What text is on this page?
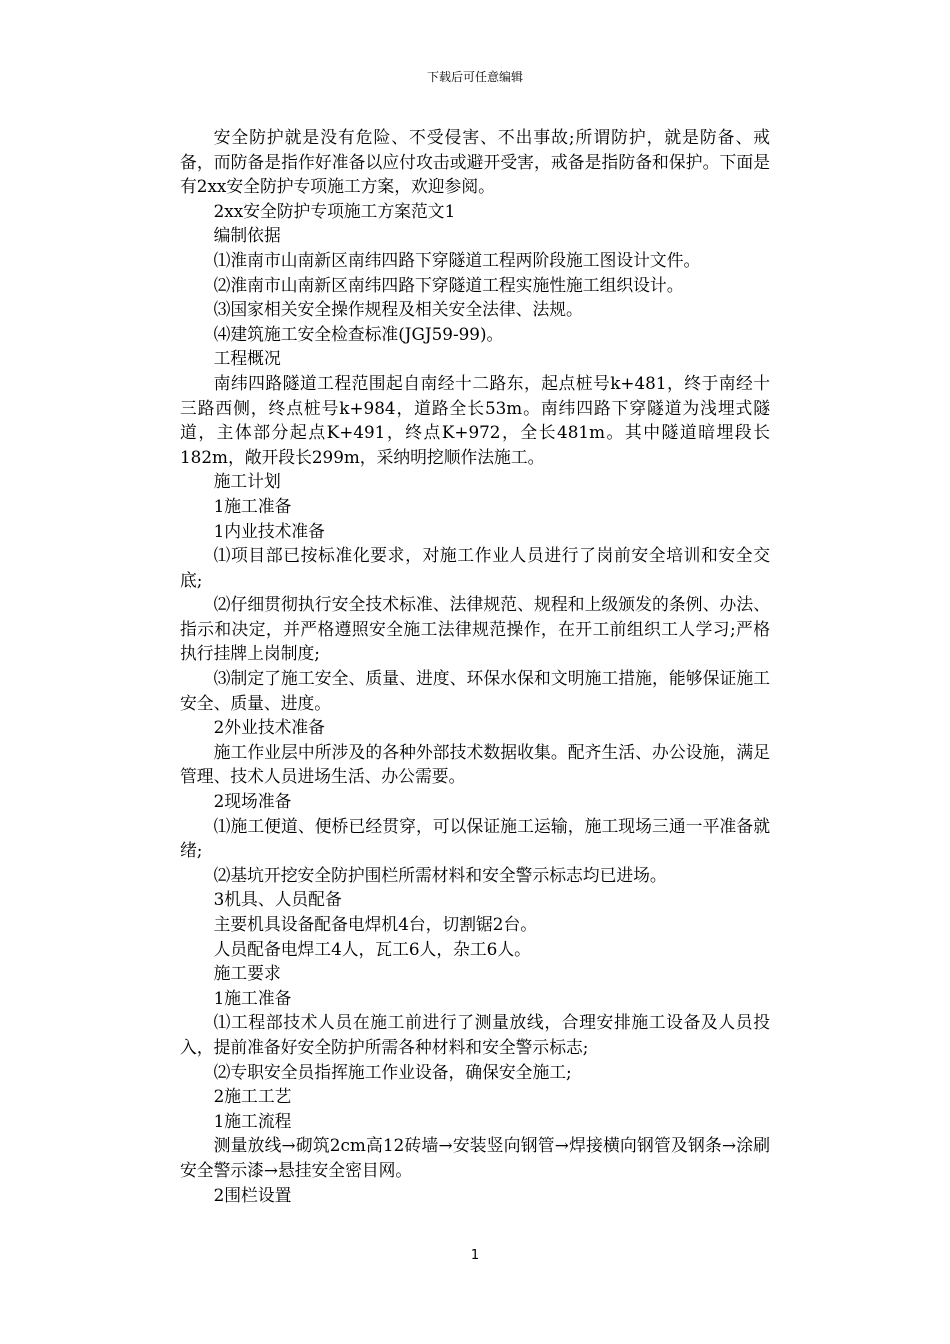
下载后可任意编辑

安全防护就是没有危险、不受侵害、不出事故;所谓防护，就是防备、戒备，而防备是指作好准备以应付攻击或避开受害，戒备是指防备和保护。下面是有2xx安全防护专项施工方案，欢迎参阅。

2xx安全防护专项施工方案范文1

编制依据

⑴淮南市山南新区南纬四路下穿隧道工程两阶段施工图设计文件。

⑵淮南市山南新区南纬四路下穿隧道工程实施性施工组织设计。

⑶国家相关安全操作规程及相关安全法律、法规。

⑷建筑施工安全检查标准(JGJ59-99)。

工程概况

南纬四路隧道工程范围起自南经十二路东，起点桩号k+481，终于南经十三路西侧，终点桩号k+984，道路全长53m。南纬四路下穿隧道为浅埋式隧道，主体部分起点K+491，终点K+972，全长481m。其中隧道暗埋段长182m，敞开段长299m，采纳明挖顺作法施工。

施工计划

1施工准备

1内业技术准备

⑴项目部已按标准化要求，对施工作业人员进行了岗前安全培训和安全交底;

⑵仔细贯彻执行安全技术标准、法律规范、规程和上级颁发的条例、办法、指示和决定，并严格遵照安全施工法律规范操作，在开工前组织工人学习;严格执行挂牌上岗制度;

⑶制定了施工安全、质量、进度、环保水保和文明施工措施，能够保证施工安全、质量、进度。

2外业技术准备

施工作业层中所涉及的各种外部技术数据收集。配齐生活、办公设施，满足管理、技术人员进场生活、办公需要。

2现场准备

⑴施工便道、便桥已经贯穿，可以保证施工运输，施工现场三通一平准备就绪;

⑵基坑开挖安全防护围栏所需材料和安全警示标志均已进场。

3机具、人员配备

主要机具设备配备电焊机4台，切割锯2台。

人员配备电焊工4人，瓦工6人，杂工6人。

施工要求

1施工准备

⑴工程部技术人员在施工前进行了测量放线，合理安排施工设备及人员投入，提前准备好安全防护所需各种材料和安全警示标志;

⑵专职安全员指挥施工作业设备，确保安全施工;

2施工工艺

1施工流程

测量放线→砌筑2cm高12砖墙→安装竖向钢管→焊接横向钢管及钢条→涂刷安全警示漆→悬挂安全密目网。

2围栏设置

1
